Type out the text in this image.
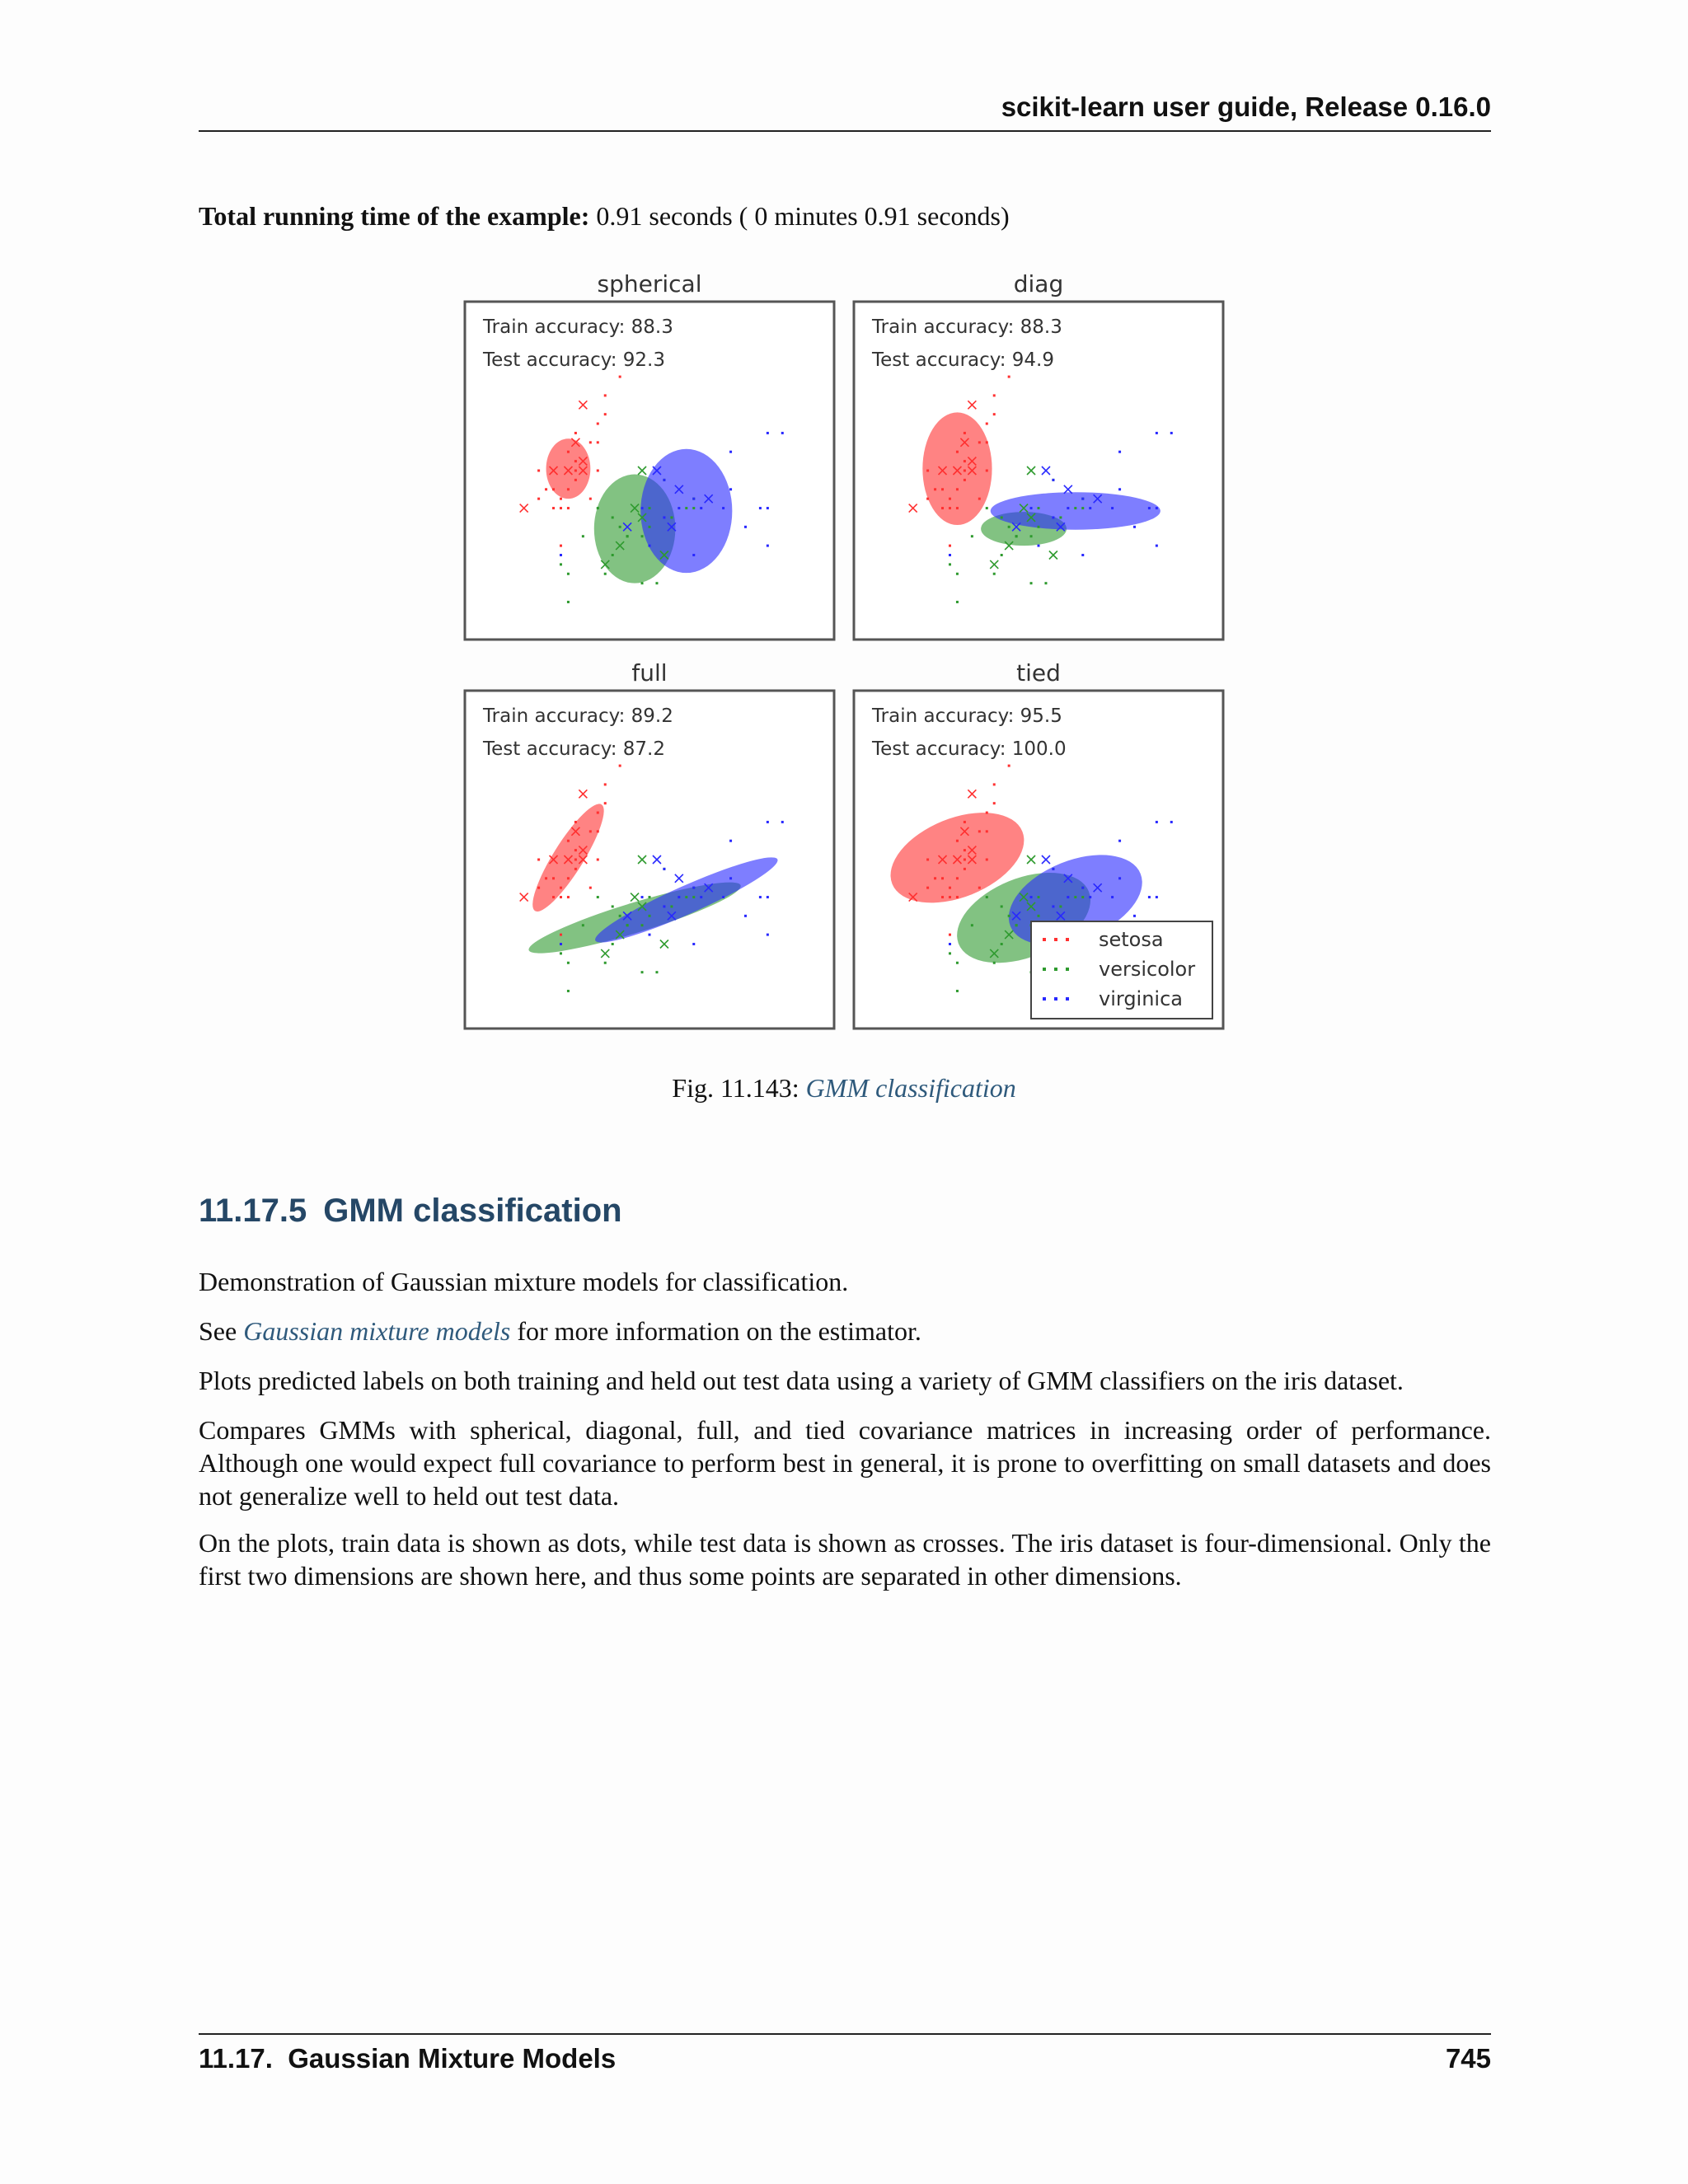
scikit-learn user guide, Release 0.16.0
Total running time of the example: 0.91 seconds ( 0 minutes 0.91 seconds)
spherical
Train accuracy: 88.3
Test accuracy: 92.3
diag
Train accuracy: 88.3
Test accuracy: 94.9
full
Train accuracy: 89.2
Test accuracy: 87.2
tied
Train accuracy: 95.5
Test accuracy: 100.0
setosa
versicolor
virginica
Fig. 11.143: GMM classification
11.17.5 GMM classification
Demonstration of Gaussian mixture models for classification.
See Gaussian mixture models for more information on the estimator.
Plots predicted labels on both training and held out test data using a variety of GMM classifiers on the iris dataset.
Compares GMMs with spherical, diagonal, full, and tied covariance matrices in increasing order of performance. Although one would expect full covariance to perform best in general, it is prone to overfitting on small datasets and does not generalize well to held out test data.
On the plots, train data is shown as dots, while test data is shown as crosses. The iris dataset is four-dimensional. Only the first two dimensions are shown here, and thus some points are separated in other dimensions.
11.17.  Gaussian Mixture Models	745
